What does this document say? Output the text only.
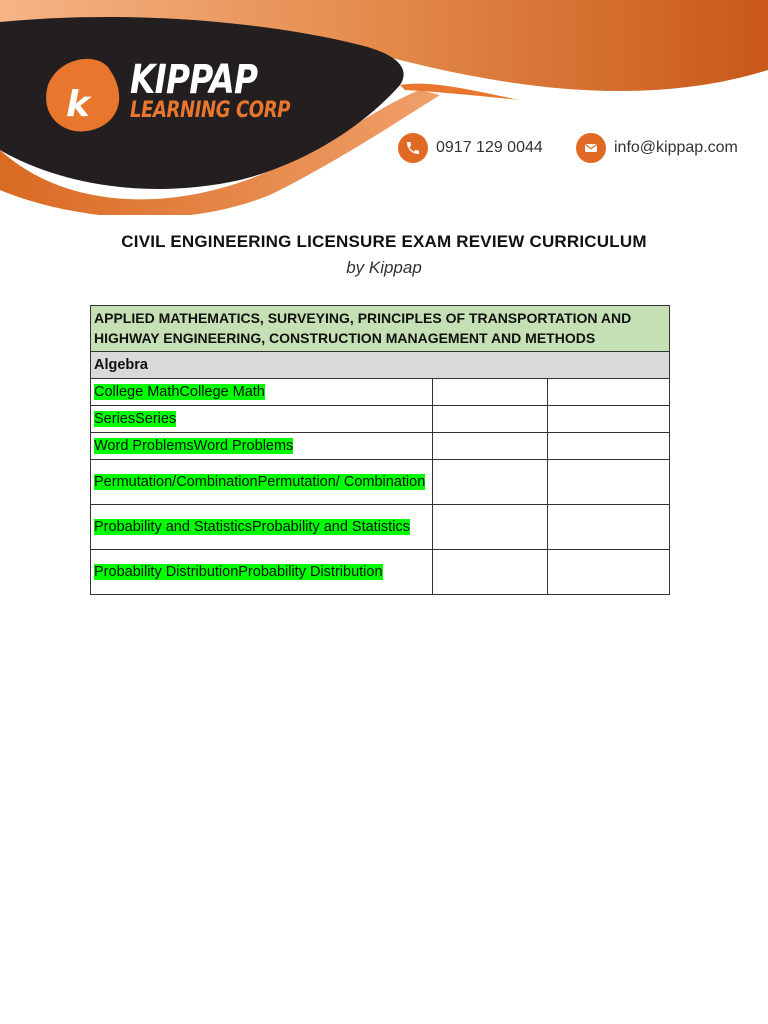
k
KIPPAP
LEARNING CORP
0917 129 0044	info@kippap.com
CIVIL ENGINEERING LICENSURE EXAM REVIEW CURRICULUM
by Kippap
APPLIED MATHEMATICS, SURVEYING, PRINCIPLES OF TRANSPORTATION AND HIGHWAY ENGINEERING, CONSTRUCTION MANAGEMENT AND METHODS		
Algebra		
College MathCollege Math		
SeriesSeries		
Word ProblemsWord Problems		
Permutation/CombinationPermutation/ Combination		
Probability and StatisticsProbability and Statistics		
Probability DistributionProbability Distribution		
